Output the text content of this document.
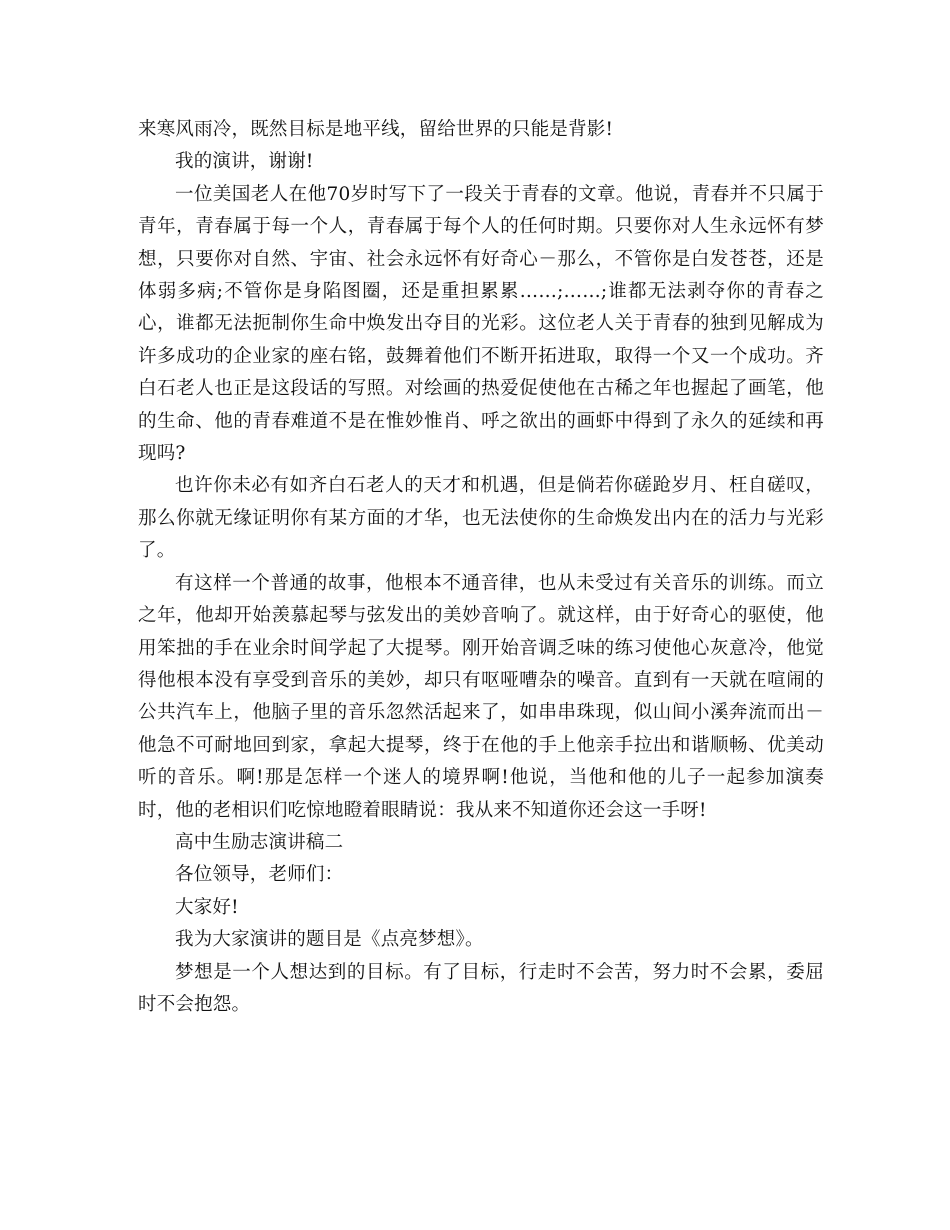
来寒风雨冷，既然目标是地平线，留给世界的只能是背影!

我的演讲，谢谢!

一位美国老人在他70岁时写下了一段关于青春的文章。他说，青春并不只属于青年，青春属于每一个人，青春属于每个人的任何时期。只要你对人生永远怀有梦想，只要你对自然、宇宙、社会永远怀有好奇心－那么，不管你是白发苍苍，还是体弱多病;不管你是身陷图圈，还是重担累累……;……;谁都无法剥夺你的青春之心，谁都无法扼制你生命中焕发出夺目的光彩。这位老人关于青春的独到见解成为许多成功的企业家的座右铭，鼓舞着他们不断开拓进取，取得一个又一个成功。齐白石老人也正是这段话的写照。对绘画的热爱促使他在古稀之年也握起了画笔，他的生命、他的青春难道不是在惟妙惟肖、呼之欲出的画虾中得到了永久的延续和再现吗?

也许你未必有如齐白石老人的天才和机遇，但是倘若你磋跄岁月、枉自磋叹，那么你就无缘证明你有某方面的才华，也无法使你的生命焕发出内在的活力与光彩了。

有这样一个普通的故事，他根本不通音律，也从未受过有关音乐的训练。而立之年，他却开始羡慕起琴与弦发出的美妙音响了。就这样，由于好奇心的驱使，他用笨拙的手在业余时间学起了大提琴。刚开始音调乏味的练习使他心灰意冷，他觉得他根本没有享受到音乐的美妙，却只有呕哑嘈杂的噪音。直到有一天就在喧闹的公共汽车上，他脑子里的音乐忽然活起来了，如串串珠现，似山间小溪奔流而出－他急不可耐地回到家，拿起大提琴，终于在他的手上他亲手拉出和谐顺畅、优美动听的音乐。啊!那是怎样一个迷人的境界啊!他说，当他和他的儿子一起参加演奏时，他的老相识们吃惊地瞪着眼睛说：我从来不知道你还会这一手呀!

高中生励志演讲稿二

各位领导，老师们：

大家好!

我为大家演讲的题目是《点亮梦想》。

梦想是一个人想达到的目标。有了目标，行走时不会苦，努力时不会累，委屈时不会抱怨。
